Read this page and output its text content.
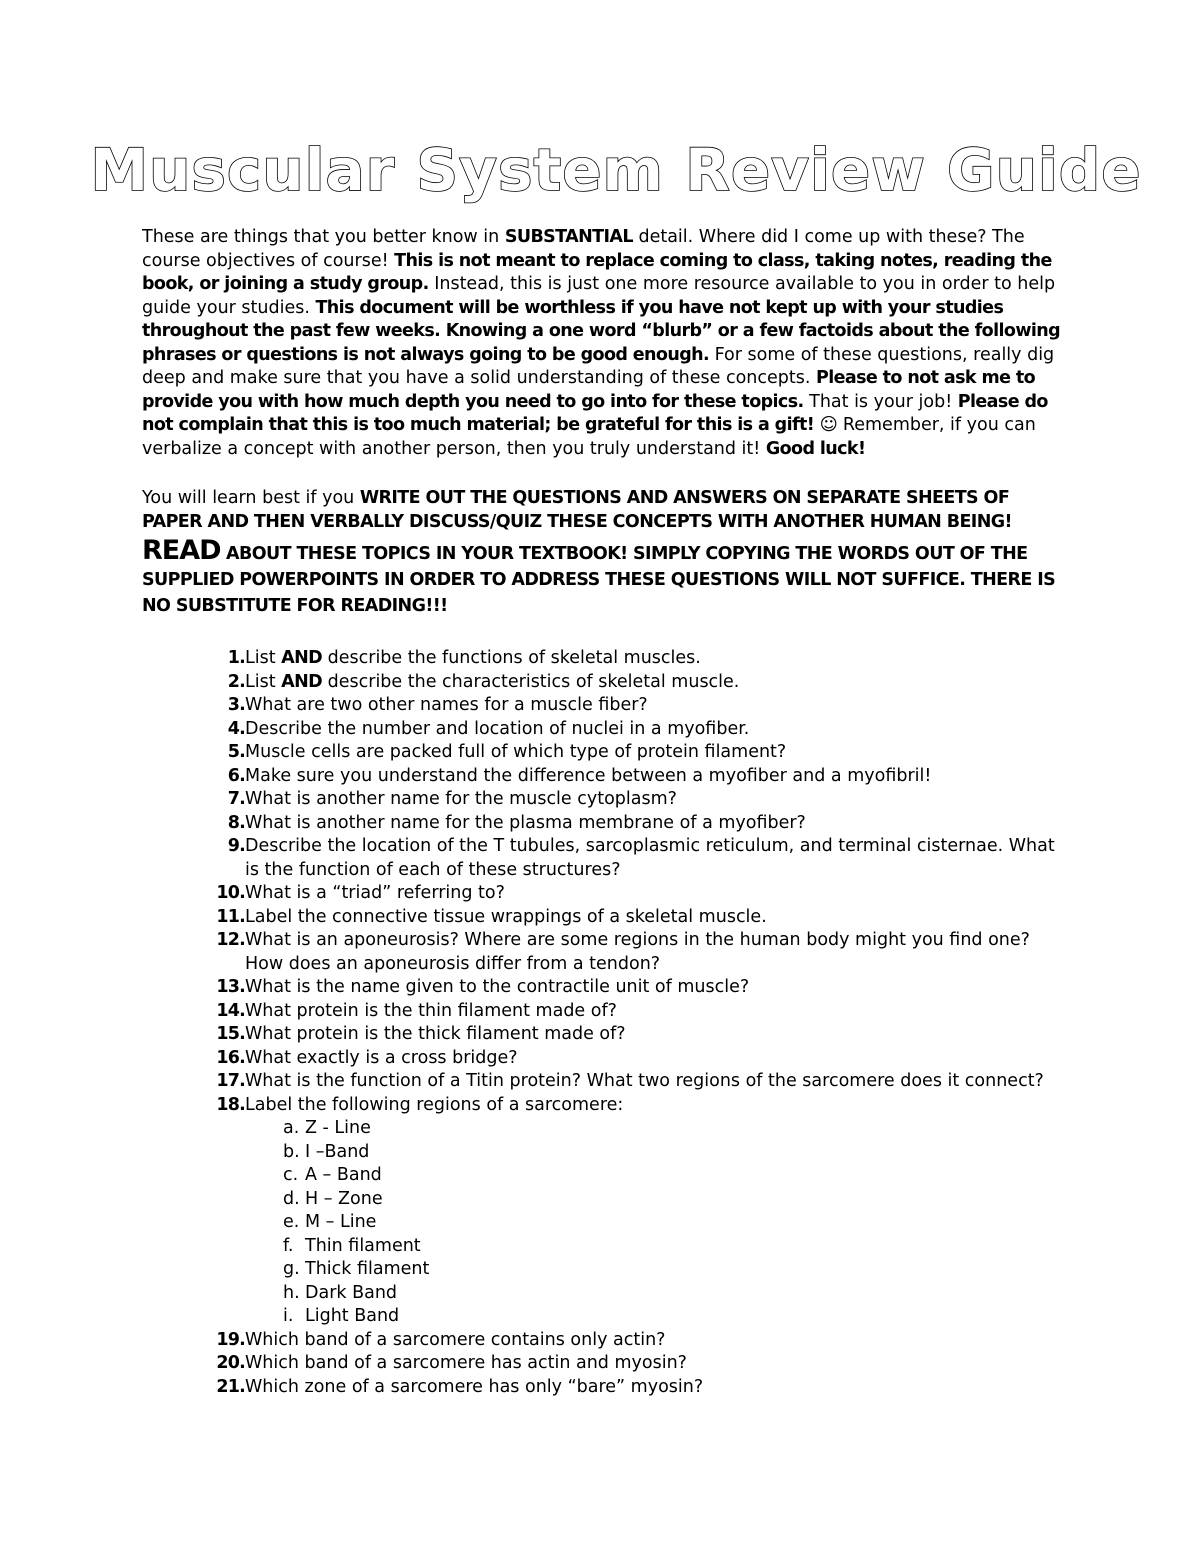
Muscular System Review Guide

These are things that you better know in SUBSTANTIAL detail. Where did I come up with these? The course objectives of course! This is not meant to replace coming to class, taking notes, reading the book, or joining a study group. Instead, this is just one more resource available to you in order to help guide your studies. This document will be worthless if you have not kept up with your studies throughout the past few weeks. Knowing a one word “blurb” or a few factoids about the following phrases or questions is not always going to be good enough. For some of these questions, really dig deep and make sure that you have a solid understanding of these concepts. Please to not ask me to provide you with how much depth you need to go into for these topics. That is your job! Please do not complain that this is too much material; be grateful for this is a gift! ☺ Remember, if you can verbalize a concept with another person, then you truly understand it! Good luck!

You will learn best if you WRITE OUT THE QUESTIONS AND ANSWERS ON SEPARATE SHEETS OF PAPER AND THEN VERBALLY DISCUSS/QUIZ THESE CONCEPTS WITH ANOTHER HUMAN BEING!

READ ABOUT THESE TOPICS IN YOUR TEXTBOOK! SIMPLY COPYING THE WORDS OUT OF THE SUPPLIED POWERPOINTS IN ORDER TO ADDRESS THESE QUESTIONS WILL NOT SUFFICE. THERE IS NO SUBSTITUTE FOR READING!!!

1. List AND describe the functions of skeletal muscles.
2. List AND describe the characteristics of skeletal muscle.
3. What are two other names for a muscle fiber?
4. Describe the number and location of nuclei in a myofiber.
5. Muscle cells are packed full of which type of protein filament?
6. Make sure you understand the difference between a myofiber and a myofibril!
7. What is another name for the muscle cytoplasm?
8. What is another name for the plasma membrane of a myofiber?
9. Describe the location of the T tubules, sarcoplasmic reticulum, and terminal cisternae. What is the function of each of these structures?
10. What is a “triad” referring to?
11. Label the connective tissue wrappings of a skeletal muscle.
12. What is an aponeurosis? Where are some regions in the human body might you find one? How does an aponeurosis differ from a tendon?
13. What is the name given to the contractile unit of muscle?
14. What protein is the thin filament made of?
15. What protein is the thick filament made of?
16. What exactly is a cross bridge?
17. What is the function of a Titin protein? What two regions of the sarcomere does it connect?
18. Label the following regions of a sarcomere:
a. Z - Line
b. I –Band
c. A – Band
d. H – Zone
e. M – Line
f. Thin filament
g. Thick filament
h. Dark Band
i. Light Band
19. Which band of a sarcomere contains only actin?
20. Which band of a sarcomere has actin and myosin?
21. Which zone of a sarcomere has only “bare” myosin?
